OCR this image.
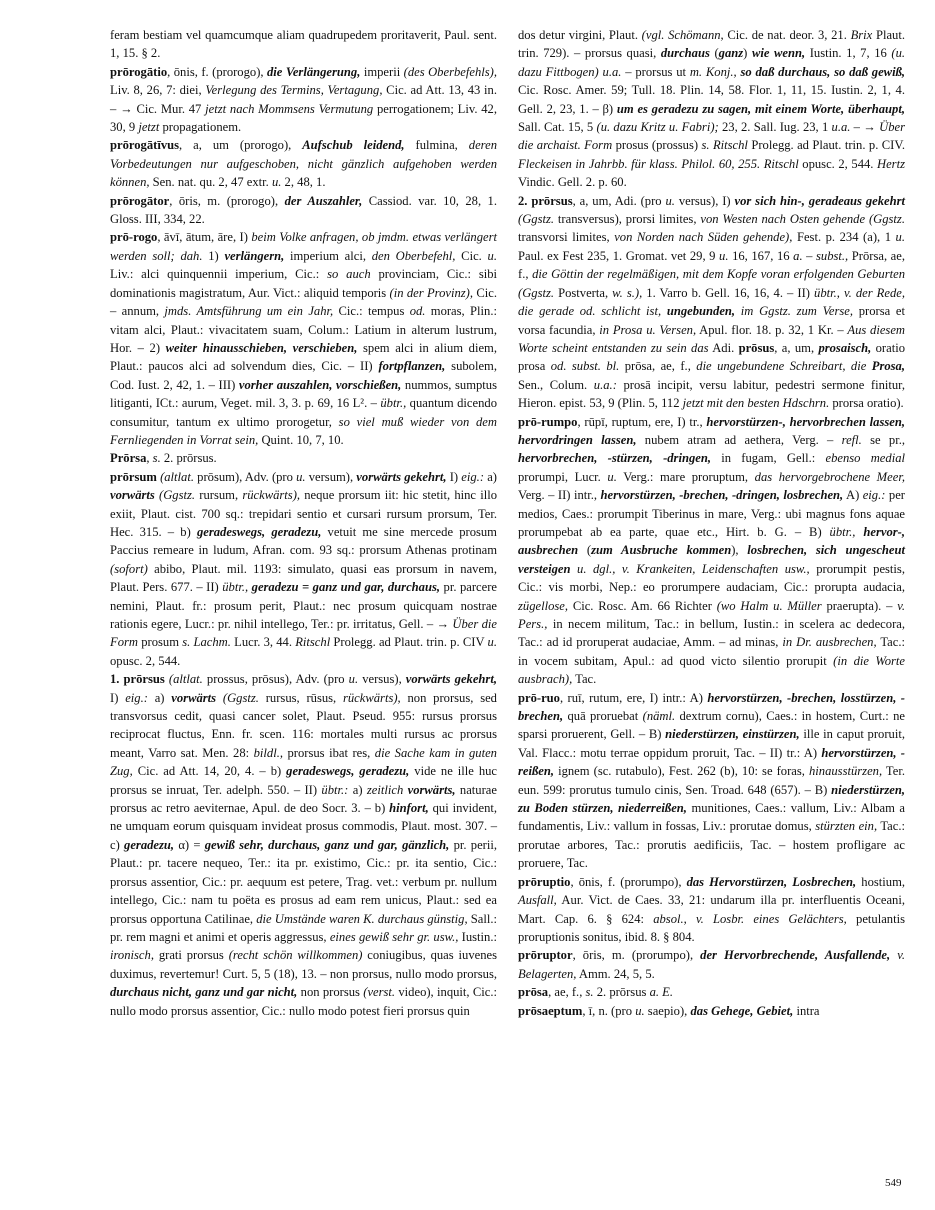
feram bestiam vel quamcumque aliam quadrupedem proritaverit, Paul. sent. 1, 15. § 2.

prōrogātio, ōnis, f. (prorogo), die Verlängerung, imperii (des Oberbefehls), Liv. 8, 26, 7: diei, Verlegung des Termins, Vertagung, Cic. ad Att. 13, 43 in. – → Cic. Mur. 47 jetzt nach Mommsens Vermutung perrogationem; Liv. 42, 30, 9 jetzt propagationem.

prōrogātīvus, a, um (prorogo), Aufschub leidend, fulmina, deren Vorbedeutungen nur aufgeschoben, nicht gänzlich aufgehoben werden können, Sen. nat. qu. 2, 47 extr. u. 2, 48, 1.

prōrogātor, ōris, m. (prorogo), der Auszahler, Cassiod. var. 10, 28, 1. Gloss. III, 334, 22.

prō-rogo, āvī, ātum, āre, I) beim Volke anfragen, ob jmdm. etwas verlängert werden soll; dah. 1) verlängern, imperium alci, den Oberbefehl, Cic. u. Liv.: alci quinquennii imperium, Cic.: so auch provinciam, Cic.: sibi dominationis magistratum, Aur. Vict.: aliquid temporis (in der Provinz), Cic. – annum, jmds. Amtsführung um ein Jahr, Cic.: tempus od. moras, Plin.: vitam alci, Plaut.: vivacitatem suam, Colum.: Latium in alterum lustrum, Hor. – 2) weiter hinausschieben, verschieben, spem alci in alium diem, Plaut.: paucos alci ad solvendum dies, Cic. – II) fortpflanzen, subolem, Cod. Iust. 2, 42, 1. – III) vorher auszahlen, vorschießen, nummos, sumptus litiganti, ICt.: aurum, Veget. mil. 3, 3. p. 69, 16 L². – übtr., quantum dicendo consumitur, tantum ex ultimo prorogetur, so viel muß wieder von dem Fernliegenden in Vorrat sein, Quint. 10, 7, 10.

Prōrsa, s. 2. prōrsus.

prōrsum (altlat. prōsum), Adv. (pro u. versum), vorwärts gekehrt, I) eig.: a) vorwärts (Ggstz. rursum, rückwärts), neque prorsum iit: hic stetit, hinc illo exiit, Plaut. cist. 700 sq.: trepidari sentio et cursari rursum prorsum, Ter. Hec. 315. – b) geradeswegs, geradezu, vetuit me sine mercede prosum Paccius remeare in ludum, Afran. com. 93 sq.: prorsum Athenas protinam (sofort) abibo, Plaut. mil. 1193: simulato, quasi eas prorsum in navem, Plaut. Pers. 677. – II) übtr., geradezu = ganz und gar, durchaus, pr. parcere nemini, Plaut. fr.: prosum perit, Plaut.: nec prosum quicquam nostrae rationis egere, Lucr.: pr. nihil intellego, Ter.: pr. irritatus, Gell. – → Über die Form prosum s. Lachm. Lucr. 3, 44. Ritschl Prolegg. ad Plaut. trin. p. CIV u. opusc. 2, 544.

1. prōrsus (altlat. prossus, prōsus), Adv. (pro u. versus), vorwärts gekehrt, I) eig.: a) vorwärts (Ggstz. rursus, rūsus, rückwärts), non prorsus, sed transvorsus cedit, quasi cancer solet, Plaut. Pseud. 955: rursus prorsus reciprocat fluctus, Enn. fr. scen. 116: mortales multi rursus ac prorsus meant, Varro sat. Men. 28: bildl., prorsus ibat res, die Sache kam in guten Zug, Cic. ad Att. 14, 20, 4. – b) geradeswegs, geradezu, vide ne ille huc prorsus se inruat, Ter. adelph. 550. – II) übtr.: a) zeitlich vorwärts, naturae prorsus ac retro aeviternae, Apul. de deo Socr. 3. – b) hinfort, qui invident, ne umquam eorum quisquam invideat prosus commodis, Plaut. most. 307. – c) geradezu, α) = gewiß sehr, durchaus, ganz und gar, gänzlich, pr. perii, Plaut.: pr. tacere nequeo, Ter.: ita pr. existimo, Cic.: pr. ita sentio, Cic.: prorsus assentior, Cic.: pr. aequum est petere, Trag. vet.: verbum pr. nullum intellego, Cic.: nam tu poëta es prosus ad eam rem unicus, Plaut.: sed ea prorsus opportuna Catilinae, die Umstände waren K. durchaus günstig, Sall.: pr. rem magni et animi et operis aggressus, eines gewiß sehr gr. usw., Iustin.: ironisch, grati prorsus (recht schön willkommen) coniugibus, quas iuvenes duximus, revertemur! Curt. 5, 5 (18), 13. – non prorsus, nullo modo prorsus, durchaus nicht, ganz und gar nicht, non prorsus (verst. video), inquit, Cic.: nullo modo prorsus assentior, Cic.: nullo modo potest fieri prorsus quin

dos detur virgini, Plaut. (vgl. Schömann, Cic. de nat. deor. 3, 21. Brix Plaut. trin. 729). – prorsus quasi, durchaus (ganz) wie wenn, Iustin. 1, 7, 16 (u. dazu Fittbogen) u.a. – prorsus ut m. Konj., so daß durchaus, so daß gewiß, Cic. Rosc. Amer. 59; Tull. 18. Plin. 14, 58. Flor. 1, 11, 15. Iustin. 2, 1, 4. Gell. 2, 23, 1. – β) um es geradezu zu sagen, mit einem Worte, überhaupt, Sall. Cat. 15, 5 (u. dazu Kritz u. Fabri); 23, 2. Sall. Iug. 23, 1 u.a. – → Über die archaist. Form prosus (prossus) s. Ritschl Prolegg. ad Plaut. trin. p. CIV. Fleckeisen in Jahrbb. für klass. Philol. 60, 255. Ritschl opusc. 2, 544. Hertz Vindic. Gell. 2. p. 60.

2. prōrsus, a, um, Adi. (pro u. versus), I) vor sich hin-, geradeaus gekehrt (Ggstz. transversus), prorsi limites, von Westen nach Osten gehende (Ggstz. transvorsi limites, von Norden nach Süden gehende), Fest. p. 234 (a), 1 u. Paul. ex Fest 235, 1. Gromat. vet 29, 9 u. 16, 167, 16 a. – subst., Prōrsa, ae, f., die Göttin der regelmäßigen, mit dem Kopfe voran erfolgenden Geburten (Ggstz. Postverta, w. s.), 1. Varro b. Gell. 16, 16, 4. – II) übtr., v. der Rede, die gerade od. schlicht ist, ungebunden, im Ggstz. zum Verse, prorsa et vorsa facundia, in Prosa u. Versen, Apul. flor. 18. p. 32, 1 Kr. – Aus diesem Worte scheint entstanden zu sein das Adi. prōsus, a, um, prosaisch, oratio prosa od. subst. bl. prōsa, ae, f., die ungebundene Schreibart, die Prosa, Sen., Colum. u.a.: prosā incipit, versu labitur, pedestri sermone finitur, Hieron. epist. 53, 9 (Plin. 5, 112 jetzt mit den besten Hdschrn. prorsa oratio).

prō-rumpo, rūpī, ruptum, ere, I) tr., hervorstürzen-, hervorbrechen lassen, hervordringen lassen, nubem atram ad aethera, Verg. – refl. se pr., hervorbrechen, -stürzen, -dringen, in fugam, Gell.: ebenso medial prorumpi, Lucr. u. Verg.: mare proruptum, das hervorgebrochene Meer, Verg. – II) intr., hervorstürzen, -brechen, -dringen, losbrechen, A) eig.: per medios, Caes.: prorumpit Tiberinus in mare, Verg.: ubi magnus fons aquae prorumpebat ab ea parte, quae etc., Hirt. b. G. – B) übtr., hervor-, ausbrechen (zum Ausbruche kommen), losbrechen, sich ungescheut versteigen u. dgl., v. Krankeiten, Leidenschaften usw., prorumpit pestis, Cic.: vis morbi, Nep.: eo prorumpere audaciam, Cic.: prorupta audacia, zügellose, Cic. Rosc. Am. 66 Richter (wo Halm u. Müller praerupta). – v. Pers., in necem militum, Tac.: in bellum, Iustin.: in scelera ac dedecora, Tac.: ad id proruperat audaciae, Amm. – ad minas, in Dr. ausbrechen, Tac.: in vocem subitam, Apul.: ad quod victo silentio prorupit (in die Worte ausbrach), Tac.

prō-ruo, ruī, rutum, ere, I) intr.: A) hervorstürzen, -brechen, losstürzen, -brechen, quā proruebat (näml. dextrum cornu), Caes.: in hostem, Curt.: ne sparsi proruerent, Gell. – B) niederstürzen, einstürzen, ille in caput proruit, Val. Flacc.: motu terrae oppidum proruit, Tac. – II) tr.: A) hervorstürzen, -reißen, ignem (sc. rutabulo), Fest. 262 (b), 10: se foras, hinausstürzen, Ter. eun. 599: prorutus tumulo cinis, Sen. Troad. 648 (657). – B) niederstürzen, zu Boden stürzen, niederreißen, munitiones, Caes.: vallum, Liv.: Albam a fundamentis, Liv.: vallum in fossas, Liv.: prorutae domus, stürzten ein, Tac.: prorutae arbores, Tac.: prorutis aedificiis, Tac. – hostem profligare ac proruere, Tac.

prōruptio, ōnis, f. (prorumpo), das Hervorstürzen, Losbrechen, hostium, Ausfall, Aur. Vict. de Caes. 33, 21: undarum illa pr. interfluentis Oceani, Mart. Cap. 6. § 624: absol., v. Losbr. eines Gelächters, petulantis proruptionis sonitus, ibid. 8. § 804.

prōruptor, ōris, m. (prorumpo), der Hervorbrechende, Ausfallende, v. Belagerten, Amm. 24, 5, 5.

prōsa, ae, f., s. 2. prōrsus a. E.

prōsaeptum, ī, n. (pro u. saepio), das Gehege, Gebiet, intra

549
